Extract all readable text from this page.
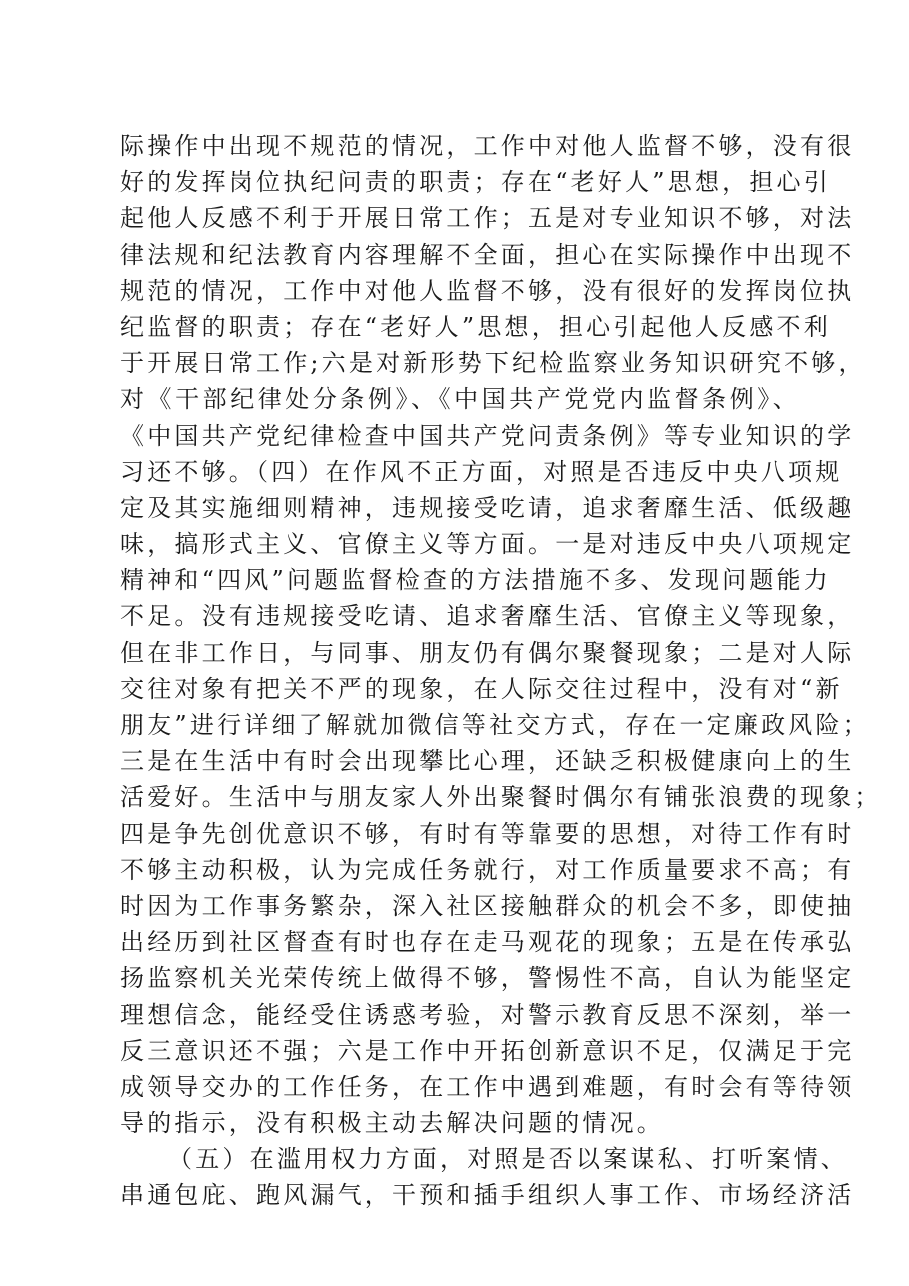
际操作中出现不规范的情况，工作中对他人监督不够，没有很
好的发挥岗位执纪问责的职责；存在“老好人”思想，担心引
起他人反感不利于开展日常工作；五是对专业知识不够，对法
律法规和纪法教育内容理解不全面，担心在实际操作中出现不
规范的情况，工作中对他人监督不够，没有很好的发挥岗位执
纪监督的职责；存在“老好人”思想，担心引起他人反感不利
于开展日常工作;六是对新形势下纪检监察业务知识研究不够，
对《干部纪律处分条例》、《中国共产党党内监督条例》、
《中国共产党纪律检查中国共产党问责条例》等专业知识的学
习还不够。（四）在作风不正方面，对照是否违反中央八项规
定及其实施细则精神，违规接受吃请，追求奢靡生活、低级趣
味，搞形式主义、官僚主义等方面。一是对违反中央八项规定
精神和“四风”问题监督检查的方法措施不多、发现问题能力
不足。没有违规接受吃请、追求奢靡生活、官僚主义等现象，
但在非工作日，与同事、朋友仍有偶尔聚餐现象；二是对人际
交往对象有把关不严的现象，在人际交往过程中，没有对“新
朋友”进行详细了解就加微信等社交方式，存在一定廉政风险；
三是在生活中有时会出现攀比心理，还缺乏积极健康向上的生
活爱好。生活中与朋友家人外出聚餐时偶尔有铺张浪费的现象；
四是争先创优意识不够，有时有等靠要的思想，对待工作有时
不够主动积极，认为完成任务就行，对工作质量要求不高；有
时因为工作事务繁杂，深入社区接触群众的机会不多，即使抽
出经历到社区督查有时也存在走马观花的现象；五是在传承弘
扬监察机关光荣传统上做得不够，警惕性不高，自认为能坚定
理想信念，能经受住诱惑考验，对警示教育反思不深刻，举一
反三意识还不强；六是工作中开拓创新意识不足，仅满足于完
成领导交办的工作任务，在工作中遇到难题，有时会有等待领
导的指示，没有积极主动去解决问题的情况。
（五）在滥用权力方面，对照是否以案谋私、打听案情、
串通包庇、跑风漏气，干预和插手组织人事工作、市场经济活
